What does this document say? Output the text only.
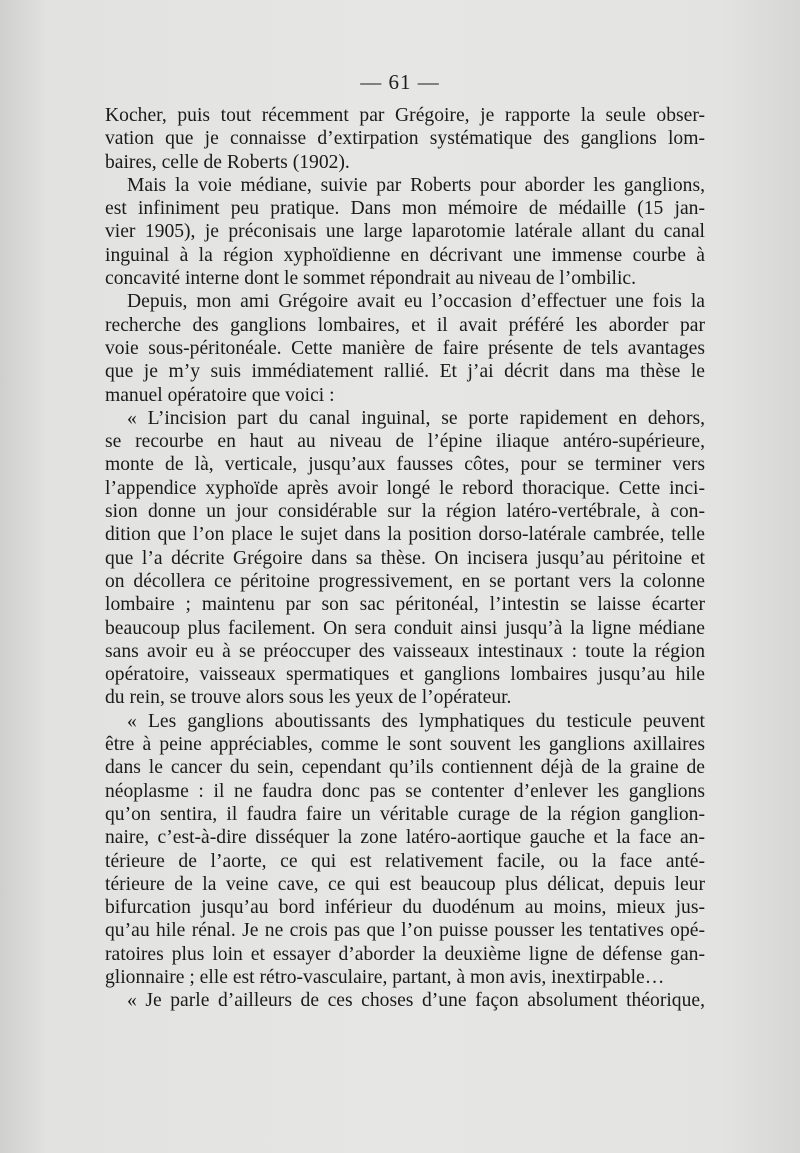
— 61 —
Kocher, puis tout récemment par Grégoire, je rapporte la seule obser-
vation que je connaisse d’extirpation systématique des ganglions lom-
baires, celle de Roberts (1902).
Mais la voie médiane, suivie par Roberts pour aborder les ganglions,
est infiniment peu pratique. Dans mon mémoire de médaille (15 jan-
vier 1905), je préconisais une large laparotomie latérale allant du canal
inguinal à la région xyphoïdienne en décrivant une immense courbe à
concavité interne dont le sommet répondrait au niveau de l’ombilic.
Depuis, mon ami Grégoire avait eu l’occasion d’effectuer une fois la
recherche des ganglions lombaires, et il avait préféré les aborder par
voie sous-péritonéale. Cette manière de faire présente de tels avantages
que je m’y suis immédiatement rallié. Et j’ai décrit dans ma thèse le
manuel opératoire que voici :
« L’incision part du canal inguinal, se porte rapidement en dehors,
se recourbe en haut au niveau de l’épine iliaque antéro-supérieure,
monte de là, verticale, jusqu’aux fausses côtes, pour se terminer vers
l’appendice xyphoïde après avoir longé le rebord thoracique. Cette inci-
sion donne un jour considérable sur la région latéro-vertébrale, à con-
dition que l’on place le sujet dans la position dorso-latérale cambrée, telle
que l’a décrite Grégoire dans sa thèse. On incisera jusqu’au péritoine et
on décollera ce péritoine progressivement, en se portant vers la colonne
lombaire ; maintenu par son sac péritonéal, l’intestin se laisse écarter
beaucoup plus facilement. On sera conduit ainsi jusqu’à la ligne médiane
sans avoir eu à se préoccuper des vaisseaux intestinaux : toute la région
opératoire, vaisseaux spermatiques et ganglions lombaires jusqu’au hile
du rein, se trouve alors sous les yeux de l’opérateur.
« Les ganglions aboutissants des lymphatiques du testicule peuvent
être à peine appréciables, comme le sont souvent les ganglions axillaires
dans le cancer du sein, cependant qu’ils contiennent déjà de la graine de
néoplasme : il ne faudra donc pas se contenter d’enlever les ganglions
qu’on sentira, il faudra faire un véritable curage de la région ganglion-
naire, c’est-à-dire disséquer la zone latéro-aortique gauche et la face an-
térieure de l’aorte, ce qui est relativement facile, ou la face anté-
térieure de la veine cave, ce qui est beaucoup plus délicat, depuis leur
bifurcation jusqu’au bord inférieur du duodénum au moins, mieux jus-
qu’au hile rénal. Je ne crois pas que l’on puisse pousser les tentatives opé-
ratoires plus loin et essayer d’aborder la deuxième ligne de défense gan-
glionnaire ; elle est rétro-vasculaire, partant, à mon avis, inextirpable…
« Je parle d’ailleurs de ces choses d’une façon absolument théorique,
